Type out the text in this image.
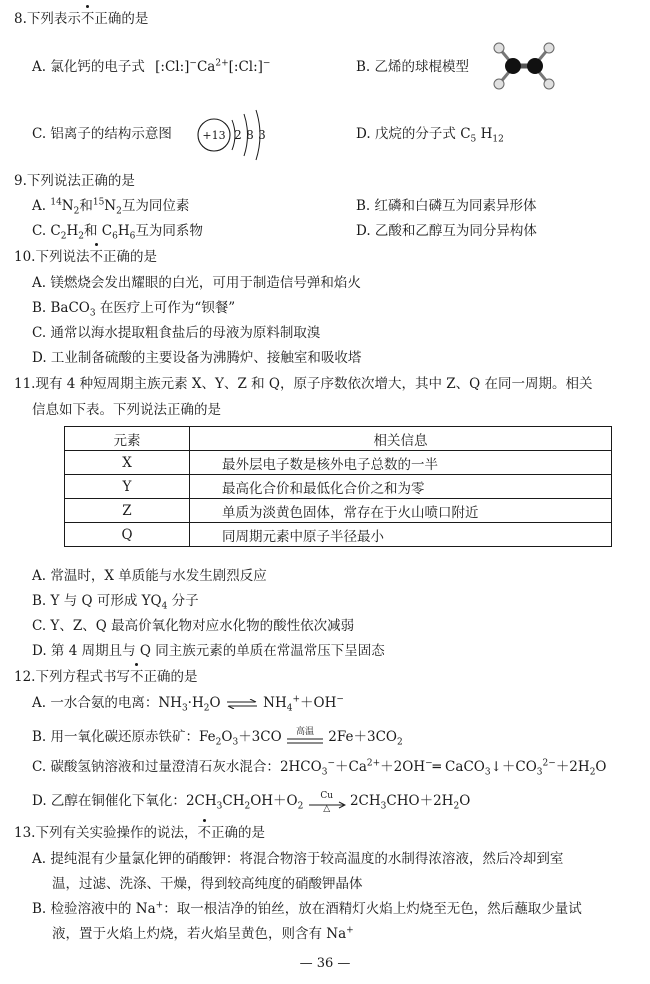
8.下列表示不正确的是
A. 氯化钙的电子式 $[:Cl:]^-Ca^{2+}[:Cl:]^-$	B. 乙烯的球棍模型
C. 铝离子的结构示意图	+13 2 8 3	D. 戊烷的分子式 $C_5$ $H_{12}$
9.下列说法正确的是
A. $^{14}N_2$和$^{15}N_2$互为同位素	B. 红磷和白磷互为同素异形体
C. $C_2H_2$和 $C_6H_6$互为同系物	D. 乙酸和乙醇互为同分异构体
10.下列说法不正确的是
A. 镁燃烧会发出耀眼的白光，可用于制造信号弹和焰火
B. BaCO$_3$ 在医疗上可作为“钡餐”
C. 通常以海水提取粗食盐后的母液为原料制取溴
D. 工业制备硫酸的主要设备为沸腾炉、接触室和吸收塔
11.现有 4 种短周期主族元素 X、Y、Z 和 Q，原子序数依次增大，其中 Z、Q 在同一周期。相关
信息如下表。下列说法正确的是
元素	相关信息
X	最外层电子数是核外电子总数的一半
Y	最高化合价和最低化合价之和为零
Z	单质为淡黄色固体，常存在于火山喷口附近
Q	同周期元素中原子半径最小
A. 常温时，X 单质能与水发生剧烈反应
B. Y 与 Q 可形成 $YQ_4$ 分子
C. Y、Z、Q 最高价氧化物对应水化物的酸性依次减弱
D. 第 4 周期且与 Q 同主族元素的单质在常温常压下呈固态
12.下列方程式书写不正确的是
A. 一水合氨的电离：$NH_3\cdot H_2O$ ⇌ $NH_4^++OH^-$
B. 用一氧化碳还原赤铁矿：$Fe_2O_3+3CO$	高温	$2Fe+3CO_2$
C. 碳酸氢钠溶液和过量澄清石灰水混合：$2HCO_3^-+Ca^{2+}+2OH^-═$ $CaCO_3↓+CO_3^{2-}+2H_2O$
D. 乙醇在铜催化下氧化：$2CH_3CH_2OH+O_2$
Cu
△	$2CH_3CHO+2H_2O$
13.下列有关实验操作的说法，不正确的是
A. 提纯混有少量氯化钾的硝酸钾：将混合物溶于较高温度的水制得浓溶液，然后冷却到室
温，过滤、洗涤、干燥，得到较高纯度的硝酸钾晶体
B. 检验溶液中的 Na+：取一根洁净的铂丝，放在酒精灯火焰上灼烧至无色，然后蘸取少量试
液，置于火焰上灼烧，若火焰呈黄色，则含有 Na+
— 36 —
